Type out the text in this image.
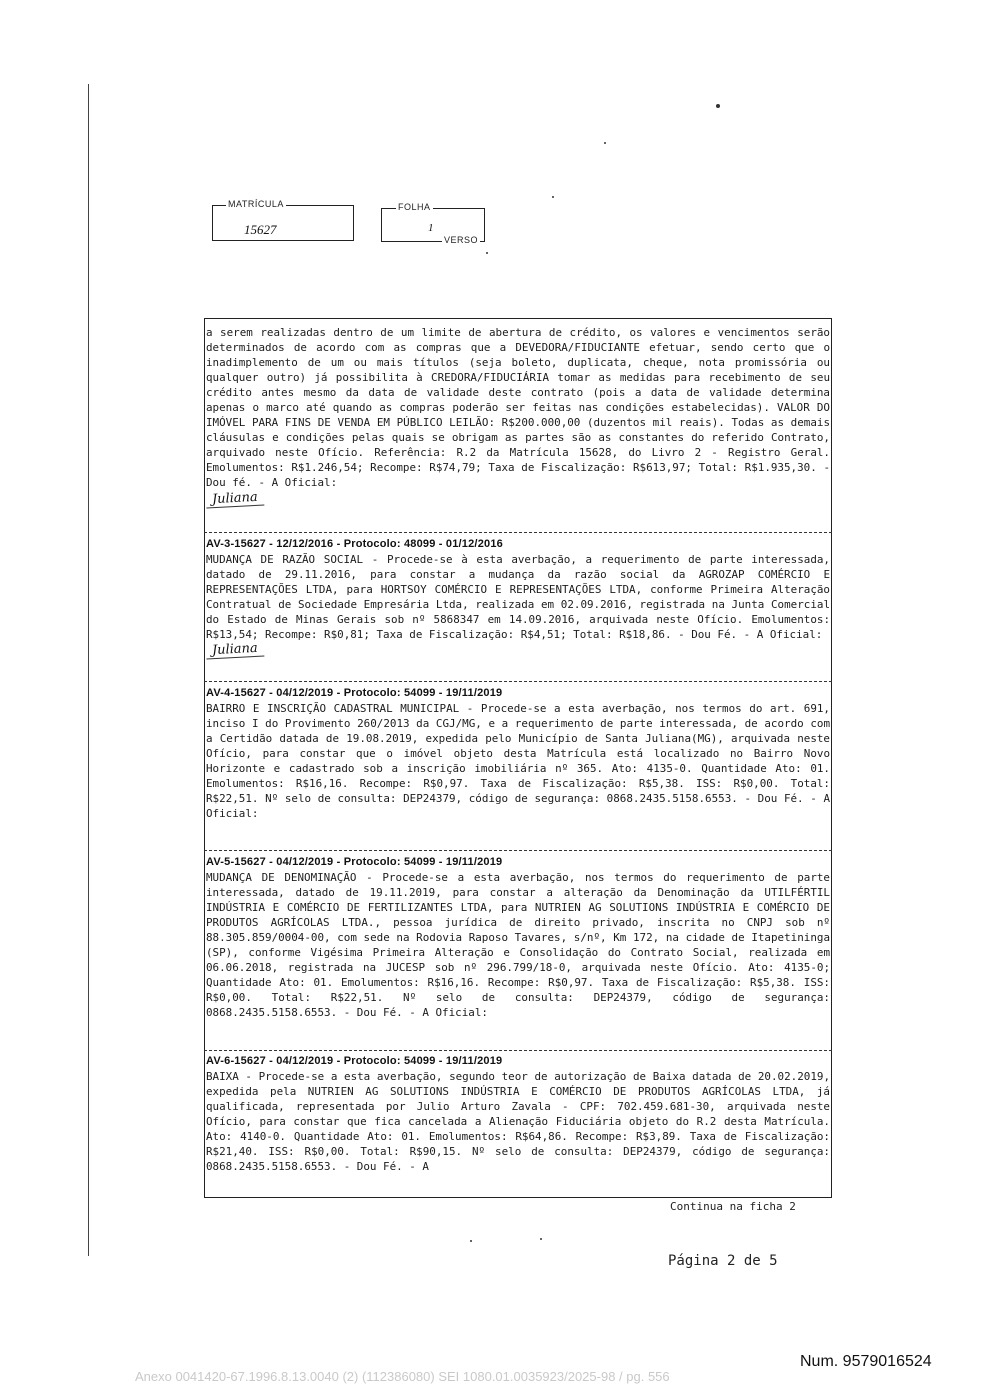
MATRÍCULA
15627
FOLHA
1
VERSO

a serem realizadas dentro de um limite de abertura de crédito, os valores e vencimentos serão determinados de acordo com as compras que a DEVEDORA/FIDUCIANTE efetuar, sendo certo que o inadimplemento de um ou mais títulos (seja boleto, duplicata, cheque, nota promissória ou qualquer outro) já possibilita à CREDORA/FIDUCIÁRIA tomar as medidas para recebimento de seu crédito antes mesmo da data de validade deste contrato (pois a data de validade determina apenas o marco até quando as compras poderão ser feitas nas condições estabelecidas). VALOR DO IMÓVEL PARA FINS DE VENDA EM PÚBLICO LEILÃO: R$200.000,00 (duzentos mil reais). Todas as demais cláusulas e condições pelas quais se obrigam as partes são as constantes do referido Contrato, arquivado neste Ofício. Referência: R.2 da Matrícula 15628, do Livro 2 - Registro Geral. Emolumentos: R$1.246,54; Recompe: R$74,79; Taxa de Fiscalização: R$613,97; Total: R$1.935,30. - Dou fé. - A Oficial:

Juliana

AV-3-15627 - 12/12/2016 - Protocolo: 48099 - 01/12/2016

MUDANÇA DE RAZÃO SOCIAL - Procede-se à esta averbação, a requerimento de parte interessada, datado de 29.11.2016, para constar a mudança da razão social da AGROZAP COMÉRCIO E REPRESENTAÇÕES LTDA, para HORTSOY COMÉRCIO E REPRESENTAÇÕES LTDA, conforme Primeira Alteração Contratual de Sociedade Empresária Ltda, realizada em 02.09.2016, registrada na Junta Comercial do Estado de Minas Gerais sob nº 5868347 em 14.09.2016, arquivada neste Ofício. Emolumentos: R$13,54; Recompe: R$0,81; Taxa de Fiscalização: R$4,51; Total: R$18,86. - Dou Fé. - A Oficial:

Juliana

AV-4-15627 - 04/12/2019 - Protocolo: 54099 - 19/11/2019

BAIRRO E INSCRIÇÃO CADASTRAL MUNICIPAL - Procede-se a esta averbação, nos termos do art. 691, inciso I do Provimento 260/2013 da CGJ/MG, e a requerimento de parte interessada, de acordo com a Certidão datada de 19.08.2019, expedida pelo Município de Santa Juliana(MG), arquivada neste Ofício, para constar que o imóvel objeto desta Matrícula está localizado no Bairro Novo Horizonte e cadastrado sob a inscrição imobiliária nº 365. Ato: 4135-0. Quantidade Ato: 01. Emolumentos: R$16,16. Recompe: R$0,97. Taxa de Fiscalização: R$5,38. ISS: R$0,00. Total: R$22,51. Nº selo de consulta: DEP24379, código de segurança: 0868.2435.5158.6553. - Dou Fé. - A Oficial:

AV-5-15627 - 04/12/2019 - Protocolo: 54099 - 19/11/2019

MUDANÇA DE DENOMINAÇÃO - Procede-se a esta averbação, nos termos do requerimento de parte interessada, datado de 19.11.2019, para constar a alteração da Denominação da UTILFÉRTIL INDÚSTRIA E COMÉRCIO DE FERTILIZANTES LTDA, para NUTRIEN AG SOLUTIONS INDÚSTRIA E COMÉRCIO DE PRODUTOS AGRÍCOLAS LTDA., pessoa jurídica de direito privado, inscrita no CNPJ sob nº 88.305.859/0004-00, com sede na Rodovia Raposo Tavares, s/nº, Km 172, na cidade de Itapetininga (SP), conforme Vigésima Primeira Alteração e Consolidação do Contrato Social, realizada em 06.06.2018, registrada na JUCESP sob nº 296.799/18-0, arquivada neste Ofício. Ato: 4135-0; Quantidade Ato: 01. Emolumentos: R$16,16. Recompe: R$0,97. Taxa de Fiscalização: R$5,38. ISS: R$0,00. Total: R$22,51. Nº selo de consulta: DEP24379, código de segurança: 0868.2435.5158.6553. - Dou Fé. - A Oficial:

AV-6-15627 - 04/12/2019 - Protocolo: 54099 - 19/11/2019

BAIXA - Procede-se a esta averbação, segundo teor de autorização de Baixa datada de 20.02.2019, expedida pela NUTRIEN AG SOLUTIONS INDÚSTRIA E COMÉRCIO DE PRODUTOS AGRÍCOLAS LTDA, já qualificada, representada por Julio Arturo Zavala - CPF: 702.459.681-30, arquivada neste Ofício, para constar que fica cancelada a Alienação Fiduciária objeto do R.2 desta Matrícula. Ato: 4140-0. Quantidade Ato: 01. Emolumentos: R$64,86. Recompe: R$3,89. Taxa de Fiscalização: R$21,40. ISS: R$0,00. Total: R$90,15. Nº selo de consulta: DEP24379, código de segurança: 0868.2435.5158.6553. - Dou Fé. - A

Continua na ficha 2
Página 2 de 5
Num. 9579016524
Anexo 0041420-67.1996.8.13.0040 (2) (112386080) SEI 1080.01.0035923/2025-98 / pg. 556
